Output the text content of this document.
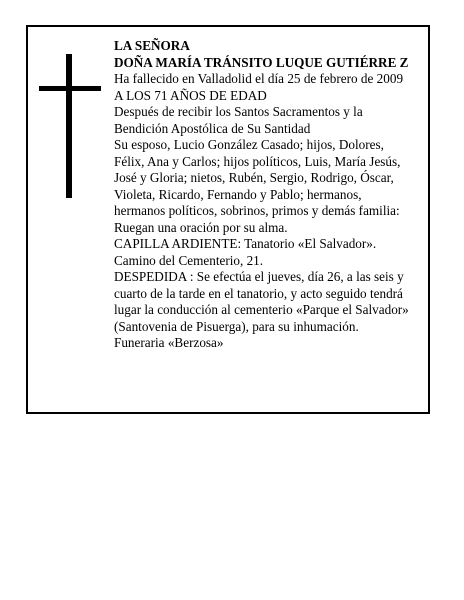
LA SEÑORA

DOÑA MARÍA TRÁNSITO LUQUE GUTIÉRRE Z

Ha fallecido en Valladolid el día 25 de febrero de 2009

A LOS 71 AÑOS DE EDAD

Después de recibir los Santos Sacramentos y la

Bendición Apostólica de Su Santidad

Su esposo, Lucio González Casado; hijos, Dolores,

Félix, Ana y Carlos; hijos políticos, Luis, María Jesús,

José y Gloria; nietos, Rubén, Sergio, Rodrigo, Óscar,

Violeta, Ricardo, Fernando y Pablo; hermanos,

hermanos políticos, sobrinos, primos y demás familia:

Ruegan una oración por su alma.

CAPILLA ARDIENTE: Tanatorio «El Salvador».

Camino del Cementerio, 21.

DESPEDIDA : Se efectúa el jueves, día 26, a las seis y

cuarto de la tarde en el tanatorio, y acto seguido tendrá

lugar la conducción al cementerio «Parque el Salvador»

(Santovenia de Pisuerga), para su inhumación.

Funeraria «Berzosa»
